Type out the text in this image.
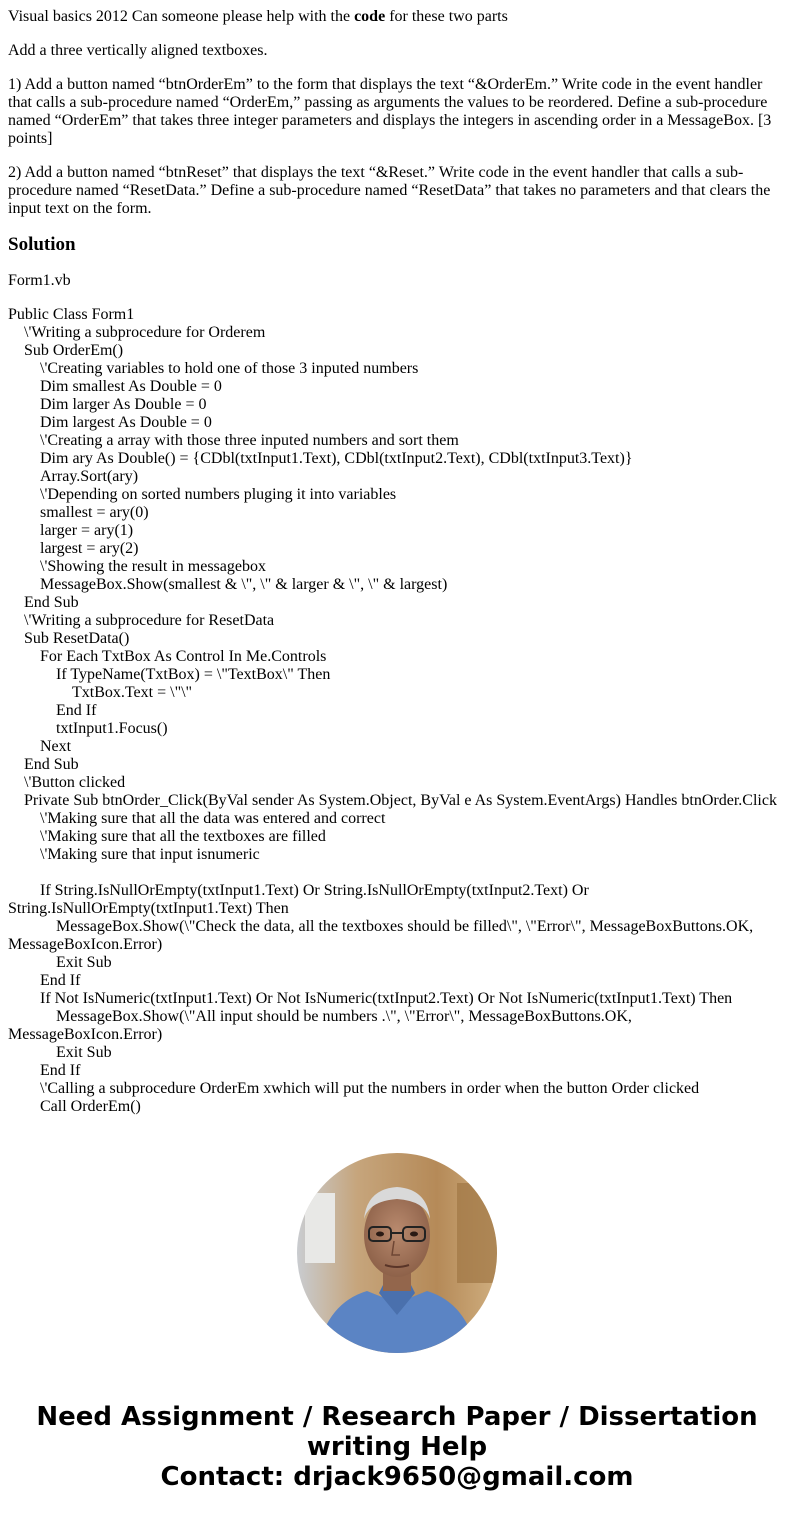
Visual basics 2012 Can someone please help with the code for these two parts

Add a three vertically aligned textboxes.

1) Add a button named “btnOrderEm” to the form that displays the text “&OrderEm.” Write code in the event handler that calls a sub-procedure named “OrderEm,” passing as arguments the values to be reordered. Define a sub-procedure named “OrderEm” that takes three integer parameters and displays the integers in ascending order in a MessageBox. [3 points]

2) Add a button named “btnReset” that displays the text “&Reset.” Write code in the event handler that calls a sub-procedure named “ResetData.” Define a sub-procedure named “ResetData” that takes no parameters and that clears the input text on the form.

Solution

Form1.vb

Public Class Form1
\'Writing a subprocedure for Orderem
Sub OrderEm()
\'Creating variables to hold one of those 3 inputed numbers
Dim smallest As Double = 0
Dim larger As Double = 0
Dim largest As Double = 0
\'Creating a array with those three inputed numbers and sort them
Dim ary As Double() = {CDbl(txtInput1.Text), CDbl(txtInput2.Text), CDbl(txtInput3.Text)}
Array.Sort(ary)
\'Depending on sorted numbers pluging it into variables
smallest = ary(0)
larger = ary(1)
largest = ary(2)
\'Showing the result in messagebox
MessageBox.Show(smallest & \", \" & larger & \", \" & largest)
End Sub
\'Writing a subprocedure for ResetData
Sub ResetData()
For Each TxtBox As Control In Me.Controls
If TypeName(TxtBox) = \"TextBox\" Then
TxtBox.Text = \"\"
End If
txtInput1.Focus()
Next
End Sub
\'Button clicked
Private Sub btnOrder_Click(ByVal sender As System.Object, ByVal e As System.EventArgs) Handles btnOrder.Click
\'Making sure that all the data was entered and correct
\'Making sure that all the textboxes are filled
\'Making sure that input isnumeric
If String.IsNullOrEmpty(txtInput1.Text) Or String.IsNullOrEmpty(txtInput2.Text) Or
String.IsNullOrEmpty(txtInput1.Text) Then
MessageBox.Show(\"Check the data, all the textboxes should be filled\", \"Error\", MessageBoxButtons.OK,
MessageBoxIcon.Error)
Exit Sub
End If
If Not IsNumeric(txtInput1.Text) Or Not IsNumeric(txtInput2.Text) Or Not IsNumeric(txtInput1.Text) Then
MessageBox.Show(\"All input should be numbers .\", \"Error\", MessageBoxButtons.OK,
MessageBoxIcon.Error)
Exit Sub
End If
\'Calling a subprocedure OrderEm xwhich will put the numbers in order when the button Order clicked
Call OrderEm()
Need Assignment / Research Paper / Dissertation
writing Help
Contact: drjack9650@gmail.com
